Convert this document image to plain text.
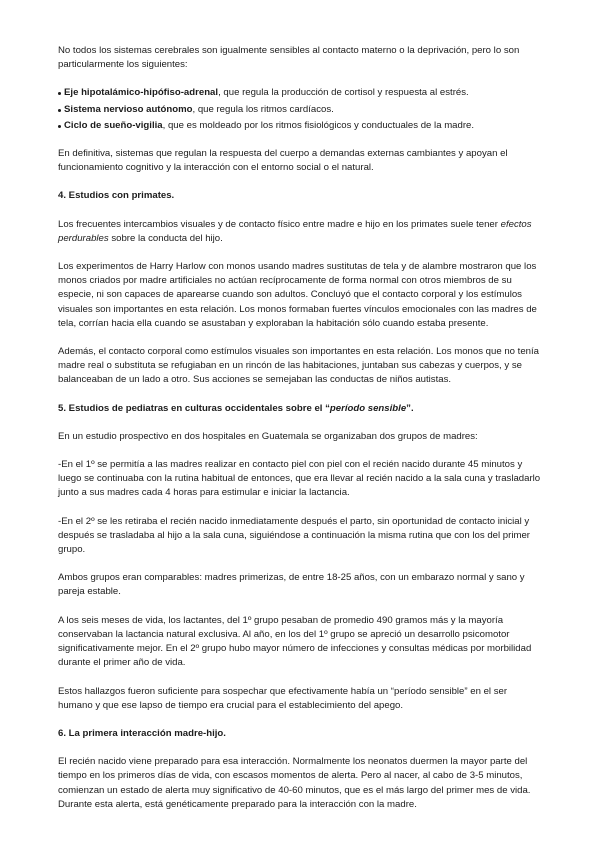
No todos los sistemas cerebrales son igualmente sensibles al contacto materno o la deprivación, pero lo son particularmente los siguientes:

Eje hipotalámico-hipófiso-adrenal, que regula la producción de cortisol y respuesta al estrés.
Sistema nervioso autónomo, que regula los ritmos cardíacos.
Ciclo de sueño-vigilia, que es moldeado por los ritmos fisiológicos y conductuales de la madre.

En definitiva, sistemas que regulan la respuesta del cuerpo a demandas externas cambiantes y apoyan el funcionamiento cognitivo y la interacción con el entorno social o el natural.

4. Estudios con primates.

Los frecuentes intercambios visuales y de contacto físico entre madre e hijo en los primates suele tener efectos perdurables sobre la conducta del hijo.

Los experimentos de Harry Harlow con monos usando madres sustitutas de tela y de alambre mostraron que los monos criados por madre artificiales no actúan recíprocamente de forma normal con otros miembros de su especie, ni son capaces de aparearse cuando son adultos. Concluyó que el contacto corporal y los estímulos visuales son importantes en esta relación. Los monos formaban fuertes vínculos emocionales con las madres de tela, corrían hacia ella cuando se asustaban y exploraban la habitación sólo cuando estaba presente.

Además, el contacto corporal como estímulos visuales son importantes en esta relación. Los monos que no tenía madre real o substituta se refugiaban en un rincón de las habitaciones, juntaban sus cabezas y cuerpos, y se balanceaban de un lado a otro. Sus acciones se semejaban las conductas de niños autistas.

5. Estudios de pediatras en culturas occidentales sobre el “período sensible”.

En un estudio prospectivo en dos hospitales en Guatemala se organizaban dos grupos de madres:

-En el 1º se permitía a las madres realizar en contacto piel con piel con el recién nacido durante 45 minutos y luego se continuaba con la rutina habitual de entonces, que era llevar al recién nacido a la sala cuna y trasladarlo junto a sus madres cada 4 horas para estimular e iniciar la lactancia.

-En el 2º se les retiraba el recién nacido inmediatamente después el parto, sin oportunidad de contacto inicial y después se trasladaba al hijo a la sala cuna, siguiéndose a continuación la misma rutina que con los del primer grupo.

Ambos grupos eran comparables: madres primerizas, de entre 18-25 años, con un embarazo normal y sano y pareja estable.

A los seis meses de vida, los lactantes, del 1º grupo pesaban de promedio 490 gramos más y la mayoría conservaban la lactancia natural exclusiva. Al año, en los del 1º grupo se apreció un desarrollo psicomotor significativamente mejor. En el 2º grupo hubo mayor número de infecciones y consultas médicas por morbilidad durante el primer año de vida.

Estos hallazgos fueron suficiente para sospechar que efectivamente había un “período sensible” en el ser humano y que ese lapso de tiempo era crucial para el establecimiento del apego.

6. La primera interacción madre-hijo.

El recién nacido viene preparado para esa interacción. Normalmente los neonatos duermen la mayor parte del tiempo en los primeros días de vida, con escasos momentos de alerta. Pero al nacer, al cabo de 3-5 minutos, comienzan un estado de alerta muy significativo de 40-60 minutos, que es el más largo del primer mes de vida. Durante esta alerta, está genéticamente preparado para la interacción con la madre.
